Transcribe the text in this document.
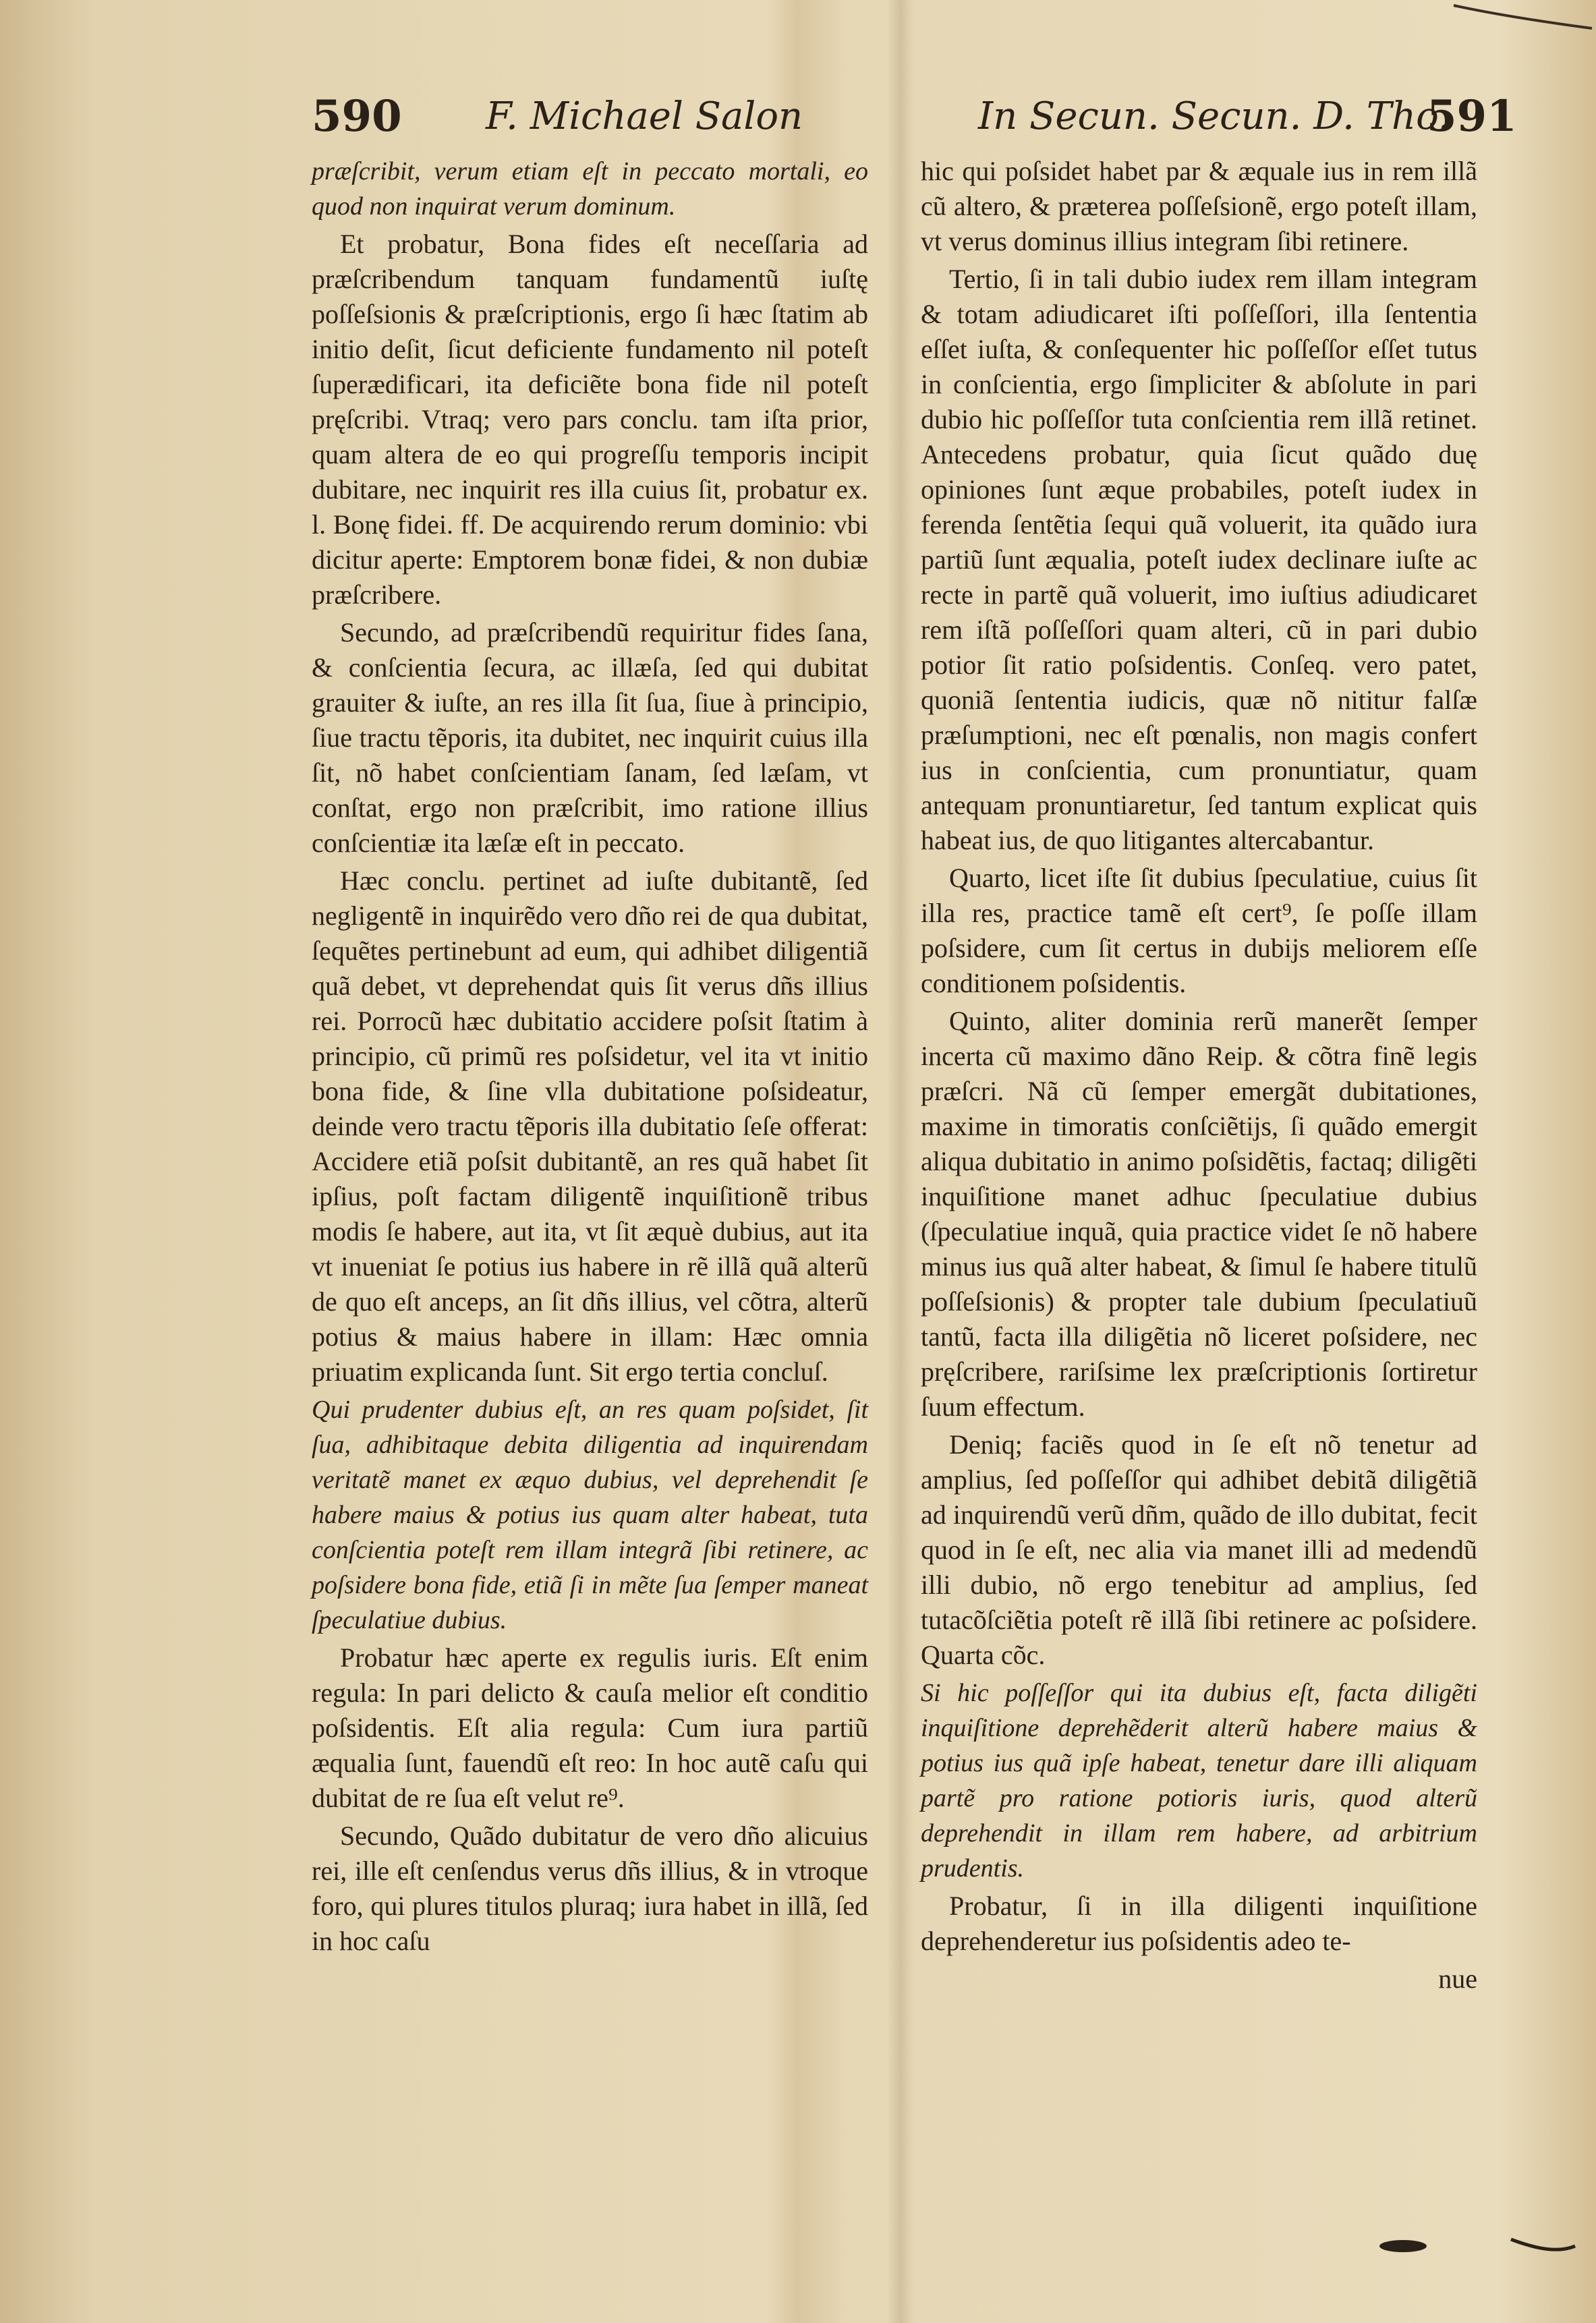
590 F. Michael Salon	In Secun. Secun. D. Tho.
591

præſcribit, verum etiam eſt in peccato mortali, eo quod non inquirat verum dominum.

Et probatur, Bona fides eſt neceſſaria ad præſcribendum tanquam fundamentũ iuſtę poſſeſsionis & præſcriptionis, ergo ſi hæc ſtatim ab initio deſit, ſicut deficiente fundamento nil poteſt ſuperædificari, ita deficiẽte bona fide nil poteſt pręſcribi. Vtraq; vero pars conclu. tam iſta prior, quam altera de eo qui progreſſu temporis incipit dubitare, nec inquirit res illa cuius ſit, probatur ex. l. Bonę fidei. ff. De acquirendo rerum dominio: vbi dicitur aperte: Emptorem bonæ fidei, & non dubiæ præſcribere.

Secundo, ad præſcribendũ requiritur fides ſana, & conſcientia ſecura, ac illæſa, ſed qui dubitat grauiter & iuſte, an res illa ſit ſua, ſiue à principio, ſiue tractu tẽporis, ita dubitet, nec inquirit cuius illa ſit, nõ habet conſcientiam ſanam, ſed læſam, vt conſtat, ergo non præſcribit, imo ratione illius conſcientiæ ita læſæ eſt in peccato.

Hæc conclu. pertinet ad iuſte dubitantẽ, ſed negligentẽ in inquirẽdo vero dño rei de qua dubitat, ſequẽtes pertinebunt ad eum, qui adhibet diligentiã quã debet, vt deprehendat quis ſit verus dñs illius rei. Porrocũ hæc dubitatio accidere poſsit ſtatim à principio, cũ primũ res poſsidetur, vel ita vt initio bona fide, & ſine vlla dubitatione poſsideatur, deinde vero tractu tẽporis illa dubitatio ſeſe offerat: Accidere etiã poſsit dubitantẽ, an res quã habet ſit ipſius, poſt factam diligentẽ inquiſitionẽ tribus modis ſe habere, aut ita, vt ſit æquè dubius, aut ita vt inueniat ſe potius ius habere in rẽ illã quã alterũ de quo eſt anceps, an ſit dñs illius, vel cõtra, alterũ potius & maius habere in illam: Hæc omnia priuatim explicanda ſunt. Sit ergo tertia concluſ.

Qui prudenter dubius eſt, an res quam poſsidet, ſit ſua, adhibitaque debita diligentia ad inquirendam veritatẽ manet ex æquo dubius, vel deprehendit ſe habere maius & potius ius quam alter habeat, tuta conſcientia poteſt rem illam integrã ſibi retinere, ac poſsidere bona fide, etiã ſi in mẽte ſua ſemper maneat ſpeculatiue dubius.

Probatur hæc aperte ex regulis iuris. Eſt enim regula: In pari delicto & cauſa melior eſt conditio poſsidentis. Eſt alia regula: Cum iura partiũ æqualia ſunt, fauendũ eſt reo: In hoc autẽ caſu qui dubitat de re ſua eſt velut re⁹.

Secundo, Quãdo dubitatur de vero dño alicuius rei, ille eſt cenſendus verus dñs illius, & in vtroque foro, qui plures titulos pluraq; iura habet in illã, ſed in hoc caſu

hic qui poſsidet habet par & æquale ius in rem illã cũ altero, & præterea poſſeſsionẽ, ergo poteſt illam, vt verus dominus illius integram ſibi retinere.

Tertio, ſi in tali dubio iudex rem illam integram & totam adiudicaret iſti poſſeſſori, illa ſententia eſſet iuſta, & conſequenter hic poſſeſſor eſſet tutus in conſcientia, ergo ſimpliciter & abſolute in pari dubio hic poſſeſſor tuta conſcientia rem illã retinet. Antecedens probatur, quia ſicut quãdo duę opiniones ſunt æque probabiles, poteſt iudex in ferenda ſentẽtia ſequi quã voluerit, ita quãdo iura partiũ ſunt æqualia, poteſt iudex declinare iuſte ac recte in partẽ quã voluerit, imo iuſtius adiudicaret rem iſtã poſſeſſori quam alteri, cũ in pari dubio potior ſit ratio poſsidentis. Conſeq. vero patet, quoniã ſententia iudicis, quæ nõ nititur falſæ præſumptioni, nec eſt pœnalis, non magis confert ius in conſcientia, cum pronuntiatur, quam antequam pronuntiaretur, ſed tantum explicat quis habeat ius, de quo litigantes altercabantur.

Quarto, licet iſte ſit dubius ſpeculatiue, cuius ſit illa res, practice tamẽ eſt cert⁹, ſe poſſe illam poſsidere, cum ſit certus in dubijs meliorem eſſe conditionem poſsidentis.

Quinto, aliter dominia rerũ manerẽt ſemper incerta cũ maximo dãno Reip. & cõtra finẽ legis præſcri. Nã cũ ſemper emergãt dubitationes, maxime in timoratis conſciẽtijs, ſi quãdo emergit aliqua dubitatio in animo poſsidẽtis, factaq; diligẽti inquiſitione manet adhuc ſpeculatiue dubius (ſpeculatiue inquã, quia practice videt ſe nõ habere minus ius quã alter habeat, & ſimul ſe habere titulũ poſſeſsionis) & propter tale dubium ſpeculatiuũ tantũ, facta illa diligẽtia nõ liceret poſsidere, nec pręſcribere, rariſsime lex præſcriptionis ſortiretur ſuum effectum.

Deniq; faciẽs quod in ſe eſt nõ tenetur ad amplius, ſed poſſeſſor qui adhibet debitã diligẽtiã ad inquirendũ verũ dñm, quãdo de illo dubitat, fecit quod in ſe eſt, nec alia via manet illi ad medendũ illi dubio, nõ ergo tenebitur ad amplius, ſed tutacõſciẽtia poteſt rẽ illã ſibi retinere ac poſsidere. Quarta cõc.

Si hic poſſeſſor qui ita dubius eſt, facta diligẽti inquiſitione deprehẽderit alterũ habere maius & potius ius quã ipſe habeat, tenetur dare illi aliquam partẽ pro ratione potioris iuris, quod alterũ deprehendit in illam rem habere, ad arbitrium prudentis.

Probatur, ſi in illa diligenti inquiſitione deprehenderetur ius poſsidentis adeo te-

nue
